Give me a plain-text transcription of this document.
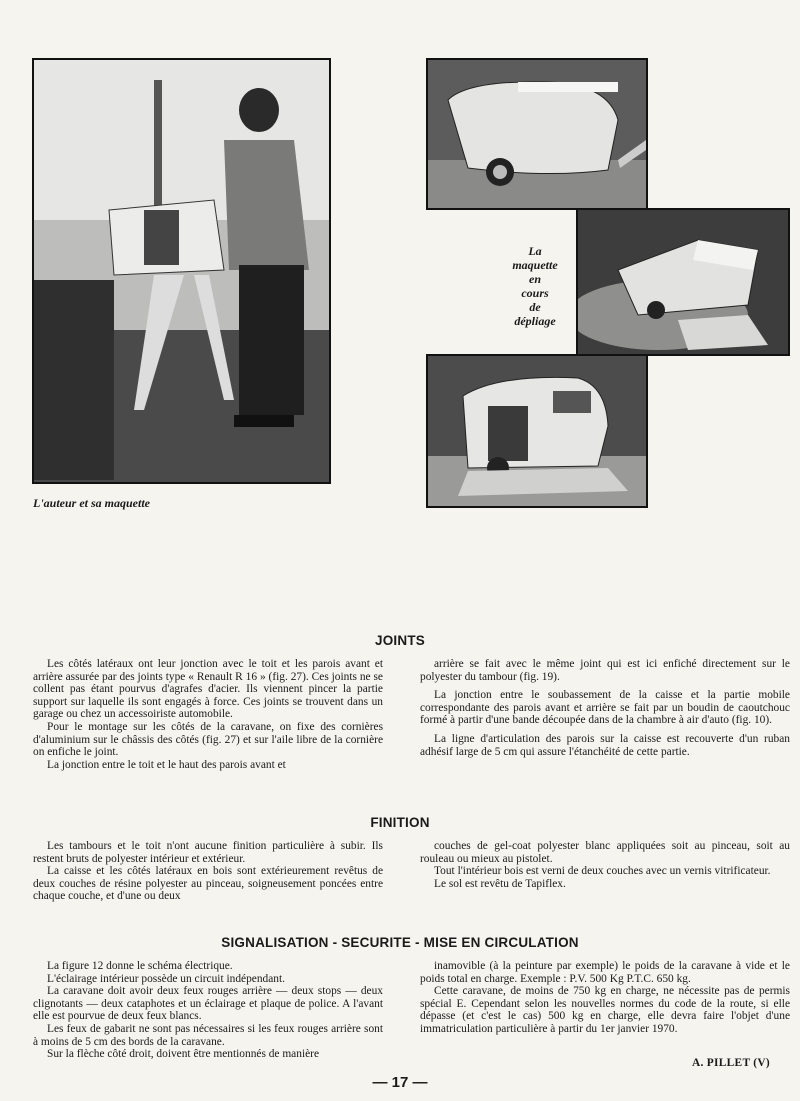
L'auteur et sa maquette
La
maquette
en
cours
de
dépliage
JOINTS

Les côtés latéraux ont leur jonction avec le toit et les parois avant et arrière assurée par des joints type « Renault R 16 » (fig. 27). Ces joints ne se collent pas étant pourvus d'agrafes d'acier. Ils viennent pincer la partie support sur laquelle ils sont engagés à force. Ces joints se trouvent dans un garage ou chez un accessoiriste automobile.

Pour le montage sur les côtés de la caravane, on fixe des cornières d'aluminium sur le châssis des côtés (fig. 27) et sur l'aile libre de la cornière on enfiche le joint.

La jonction entre le toit et le haut des parois avant et

arrière se fait avec le même joint qui est ici enfiché directement sur le polyester du tambour (fig. 19).

La jonction entre le soubassement de la caisse et la partie mobile correspondante des parois avant et arrière se fait par un boudin de caoutchouc formé à partir d'une bande découpée dans de la chambre à air d'auto (fig. 10).

La ligne d'articulation des parois sur la caisse est recouverte d'un ruban adhésif large de 5 cm qui assure l'étanchéité de cette partie.

FINITION

Les tambours et le toit n'ont aucune finition particulière à subir. Ils restent bruts de polyester intérieur et extérieur.

La caisse et les côtés latéraux en bois sont extérieurement revêtus de deux couches de résine polyester au pinceau, soigneusement poncées entre chaque couche, et d'une ou deux

couches de gel-coat polyester blanc appliquées soit au pinceau, soit au rouleau ou mieux au pistolet.

Tout l'intérieur bois est verni de deux couches avec un vernis vitrificateur.

Le sol est revêtu de Tapiflex.

SIGNALISATION - SECURITE - MISE EN CIRCULATION

La figure 12 donne le schéma électrique.

L'éclairage intérieur possède un circuit indépendant.

La caravane doit avoir deux feux rouges arrière — deux stops — deux clignotants — deux cataphotes et un éclairage et plaque de police. A l'avant elle est pourvue de deux feux blancs.

Les feux de gabarit ne sont pas nécessaires si les feux rouges arrière sont à moins de 5 cm des bords de la caravane.

Sur la flèche côté droit, doivent être mentionnés de manière

inamovible (à la peinture par exemple) le poids de la caravane à vide et le poids total en charge. Exemple : P.V. 500 Kg P.T.C. 650 kg.

Cette caravane, de moins de 750 kg en charge, ne nécessite pas de permis spécial E. Cependant selon les nouvelles normes du code de la route, si elle dépasse (et c'est le cas) 500 kg en charge, elle devra faire l'objet d'une immatriculation particulière à partir du 1er janvier 1970.

A. PILLET (V)
— 17 —
